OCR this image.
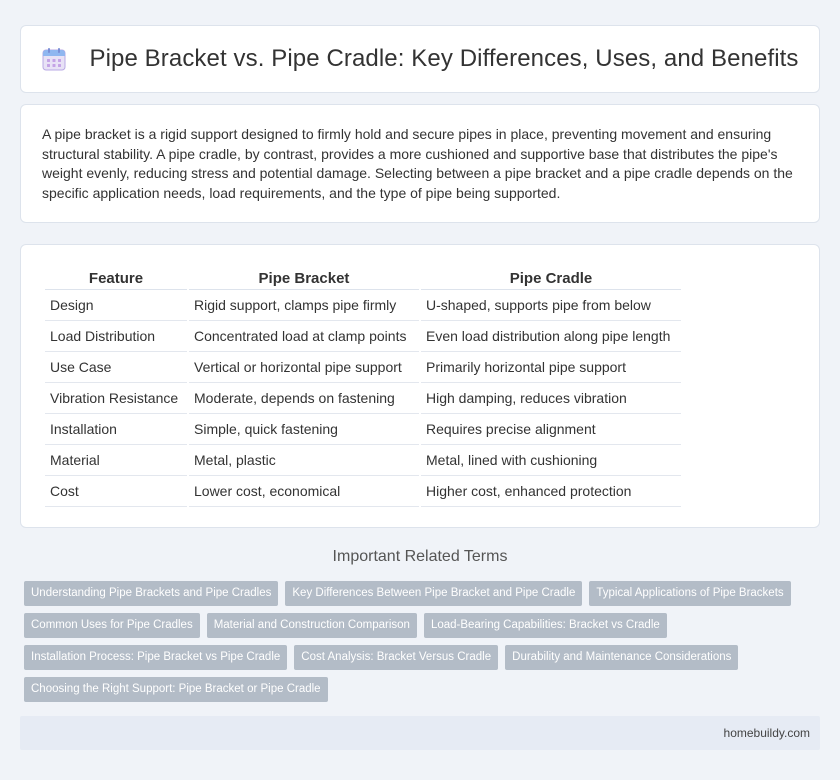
Pipe Bracket vs. Pipe Cradle: Key Differences, Uses, and Benefits

A pipe bracket is a rigid support designed to firmly hold and secure pipes in place, preventing movement and ensuring structural stability. A pipe cradle, by contrast, provides a more cushioned and supportive base that distributes the pipe's weight evenly, reducing stress and potential damage. Selecting between a pipe bracket and a pipe cradle depends on the specific application needs, load requirements, and the type of pipe being supported.

Feature	Pipe Bracket	Pipe Cradle
Design	Rigid support, clamps pipe firmly	U-shaped, supports pipe from below
Load Distribution	Concentrated load at clamp points	Even load distribution along pipe length
Use Case	Vertical or horizontal pipe support	Primarily horizontal pipe support
Vibration Resistance	Moderate, depends on fastening	High damping, reduces vibration
Installation	Simple, quick fastening	Requires precise alignment
Material	Metal, plastic	Metal, lined with cushioning
Cost	Lower cost, economical	Higher cost, enhanced protection
Important Related Terms
Understanding Pipe Brackets and Pipe Cradles	Key Differences Between Pipe Bracket and Pipe Cradle	Typical Applications of Pipe Brackets
Common Uses for Pipe Cradles	Material and Construction Comparison	Load-Bearing Capabilities: Bracket vs Cradle
Installation Process: Pipe Bracket vs Pipe Cradle	Cost Analysis: Bracket Versus Cradle	Durability and Maintenance Considerations
Choosing the Right Support: Pipe Bracket or Pipe Cradle
homebuildy.com
